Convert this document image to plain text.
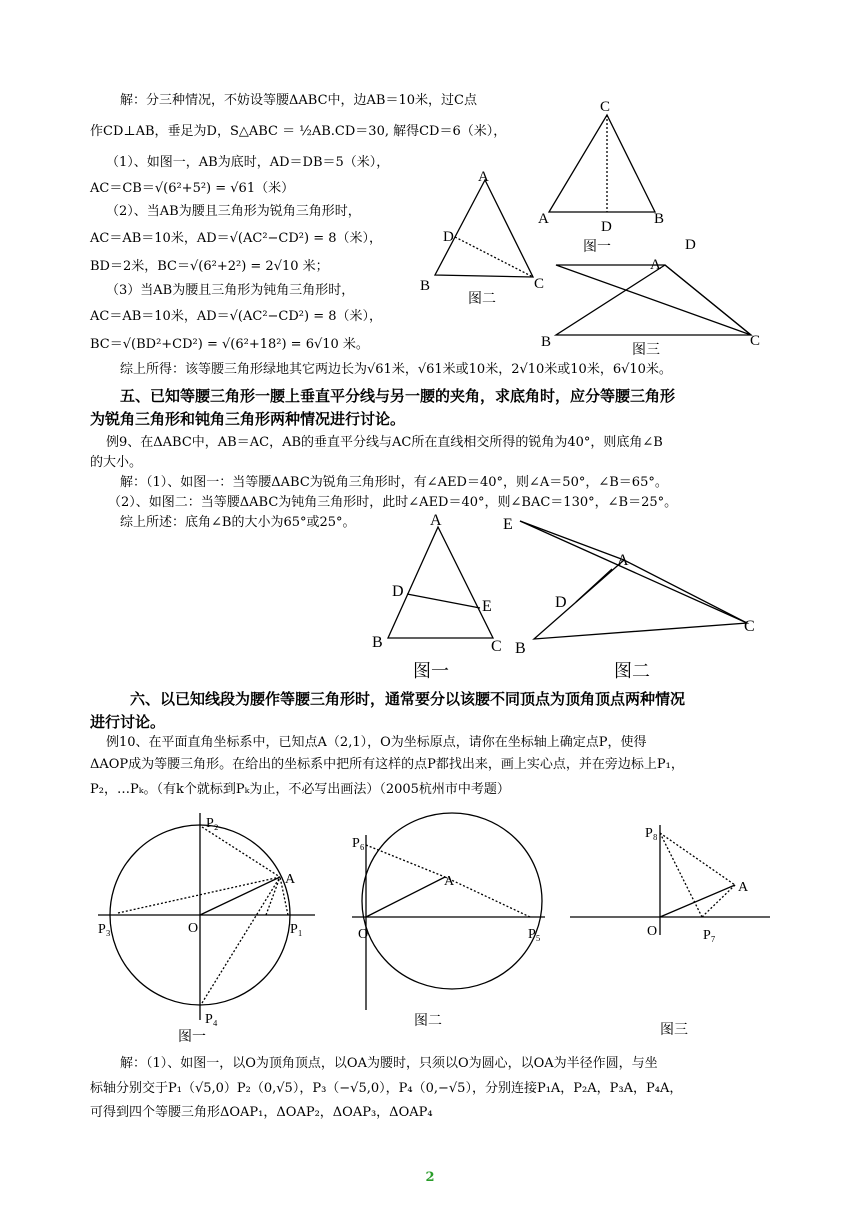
解：分三种情况，不妨设等腰ΔABC中，边AB＝10米，过C点
作CD⊥AB，垂足为D，S△ABC ＝ ½AB.CD＝30, 解得CD＝6（米），
（1）、如图一，AB为底时，AD＝DB＝5（米），
AC＝CB＝√(6²+5²) = √61（米）
（2）、当AB为腰且三角形为锐角三角形时，
AC＝AB＝10米，AD＝√(AC²−CD²) = 8（米），
BD＝2米，BC＝√(6²+2²) = 2√10 米；
（3）当AB为腰且三角形为钝角三角形时，
AC＝AB＝10米，AD＝√(AC²−CD²) = 8（米），
BC＝√(BD²+CD²) = √(6²+18²) = 6√10 米。
综上所得：该等腰三角形绿地其它两边长为√61米，√61米或10米，2√10米或10米，6√10米。
C
A	D	B
图一
A
D
B	C
图二
D
A
B	C
图三
五、已知等腰三角形一腰上垂直平分线与另一腰的夹角，求底角时，应分等腰三角形
为锐角三角形和钝角三角形两种情况进行讨论。
例9、在ΔABC中，AB＝AC，AB的垂直平分线与AC所在直线相交所得的锐角为40°，则底角∠B
的大小。
解：（1）、如图一：当等腰ΔABC为锐角三角形时，有∠AED＝40°，则∠A＝50°，∠B＝65°。
（2）、如图二：当等腰ΔABC为钝角三角形时，此时∠AED＝40°，则∠BAC＝130°，∠B＝25°。
综上所述：底角∠B的大小为65°或25°。	A
D
E
B	C
图一
E
A
D
B
C
图二
六、以已知线段为腰作等腰三角形时，通常要分以该腰不同顶点为顶角顶点两种情况
进行讨论。
例10、在平面直角坐标系中，已知点A（2,1），O为坐标原点，请你在坐标轴上确定点P，使得
ΔAOP成为等腰三角形。在给出的坐标系中把所有这样的点P都找出来，画上实心点，并在旁边标上P₁，
P₂，…Pₖ。（有k个就标到Pₖ为止，不必写出画法）（2005杭州市中考题）
P₂
A
P₃	O	P₁
P₄
图一
P₆
A
O	P₅
图二
P₈
A
O	P₇
图三
解：（1）、如图一，以O为顶角顶点，以OA为腰时，只须以O为圆心，以OA为半径作圆，与坐
标轴分别交于P₁（√5,0）P₂（0,√5），P₃（−√5,0），P₄（0,−√5），分别连接P₁A，P₂A，P₃A，P₄A，
可得到四个等腰三角形ΔOAP₁，ΔOAP₂，ΔOAP₃，ΔOAP₄
2
